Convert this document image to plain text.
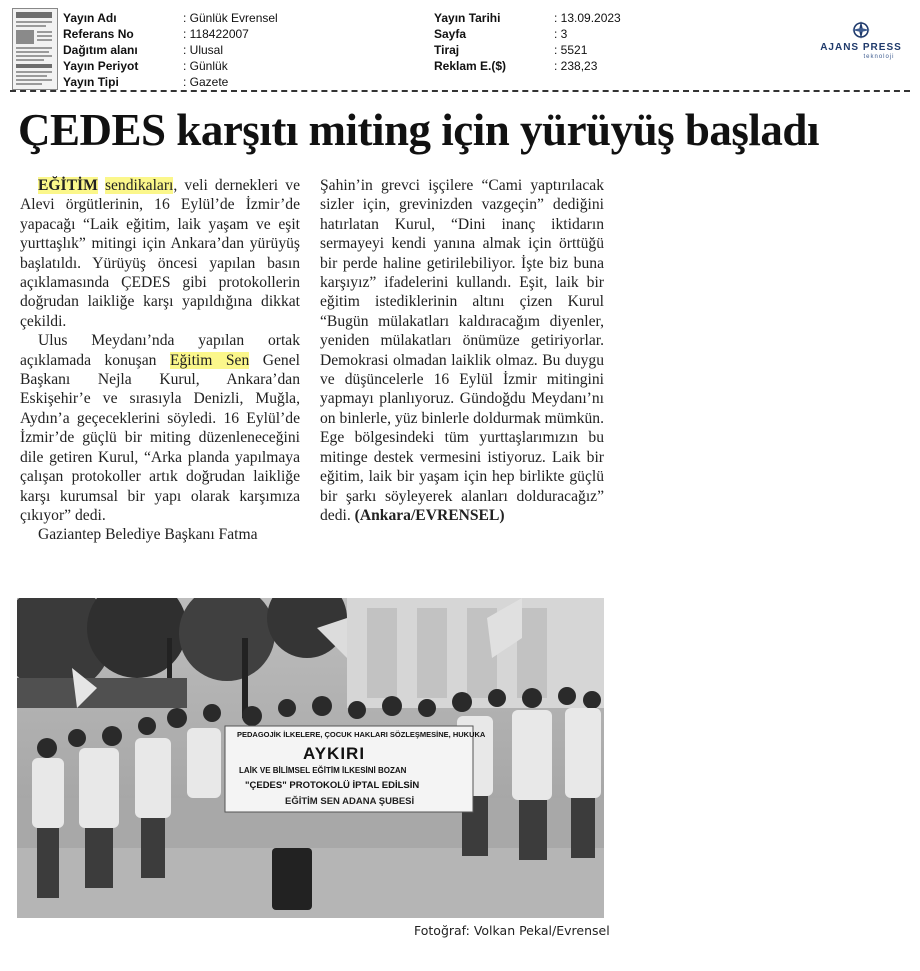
Yayın Adı	: Günlük Evrensel
Referans No	: 118422007
Dağıtım alanı	: Ulusal
Yayın Periyot	: Günlük
Yayın Tipi	: Gazete
Yayın Tarihi	: 13.09.2023
Sayfa	: 3
Tiraj	: 5521
Reklam E.($)	: 238,23
AJANS PRESS
teknoloji
ÇEDES karşıtı miting için yürüyüş başladı

EĞİTİM sendikaları, veli dernekleri ve Alevi örgütlerinin, 16 Eylül’de İzmir’de yapacağı “Laik eğitim, laik yaşam ve eşit yurttaşlık” mitingi için Ankara’dan yürüyüş başlatıldı. Yürüyüş öncesi yapılan basın açıklamasında ÇEDES gibi protokollerin doğrudan laikliğe karşı yapıldığına dikkat çekildi.

Ulus Meydanı’nda yapılan ortak açıklamada konuşan Eğitim Sen Genel Başkanı Nejla Kurul, Ankara’dan Eskişehir’e ve sırasıyla Denizli, Muğla, Aydın’a geçeceklerini söyledi. 16 Eylül’de İzmir’de güçlü bir miting düzenleneceğini dile getiren Kurul, “Arka planda yapılmaya çalışan protokoller artık doğrudan laikliğe karşı kurumsal bir yapı olarak karşımıza çıkıyor” dedi.

Gaziantep Belediye Başkanı Fatma

Şahin’in grevci işçilere “Cami yaptırılacak sizler için, grevinizden vazgeçin” dediğini hatırlatan Kurul, “Dini inanç iktidarın sermayeyi kendi yanına almak için örttüğü bir perde haline getirilebiliyor. İşte biz buna karşıyız” ifadelerini kullandı. Eşit, laik bir eğitim istediklerinin altını çizen Kurul “Bugün mülakatları kaldıracağım diyenler, yeniden mülakatları önümüze getiriyorlar. Demokrasi olmadan laiklik olmaz. Bu duygu ve düşüncelerle 16 Eylül İzmir mitingini yapmayı planlıyoruz. Gündoğdu Meydanı’nı on binlerle, yüz binlerle doldurmak mümkün. Ege bölgesindeki tüm yurttaşlarımızın bu mitinge destek vermesini istiyoruz. Laik bir eğitim, laik bir yaşam için hep birlikte güçlü bir şarkı söyleyerek alanları dolduracağız” dedi. (Ankara/EVRENSEL)

PEDAGOJİK İLKELERE, ÇOCUK HAKLARI SÖZLEŞMESİNE, HUKUKA
AYKIRI
LAİK VE BİLİMSEL EĞİTİM İLKESİNİ BOZAN
"ÇEDES" PROTOKOLÜ İPTAL EDİLSİN
EĞİTİM SEN ADANA ŞUBESİ
Fotoğraf: Volkan Pekal/Evrensel
